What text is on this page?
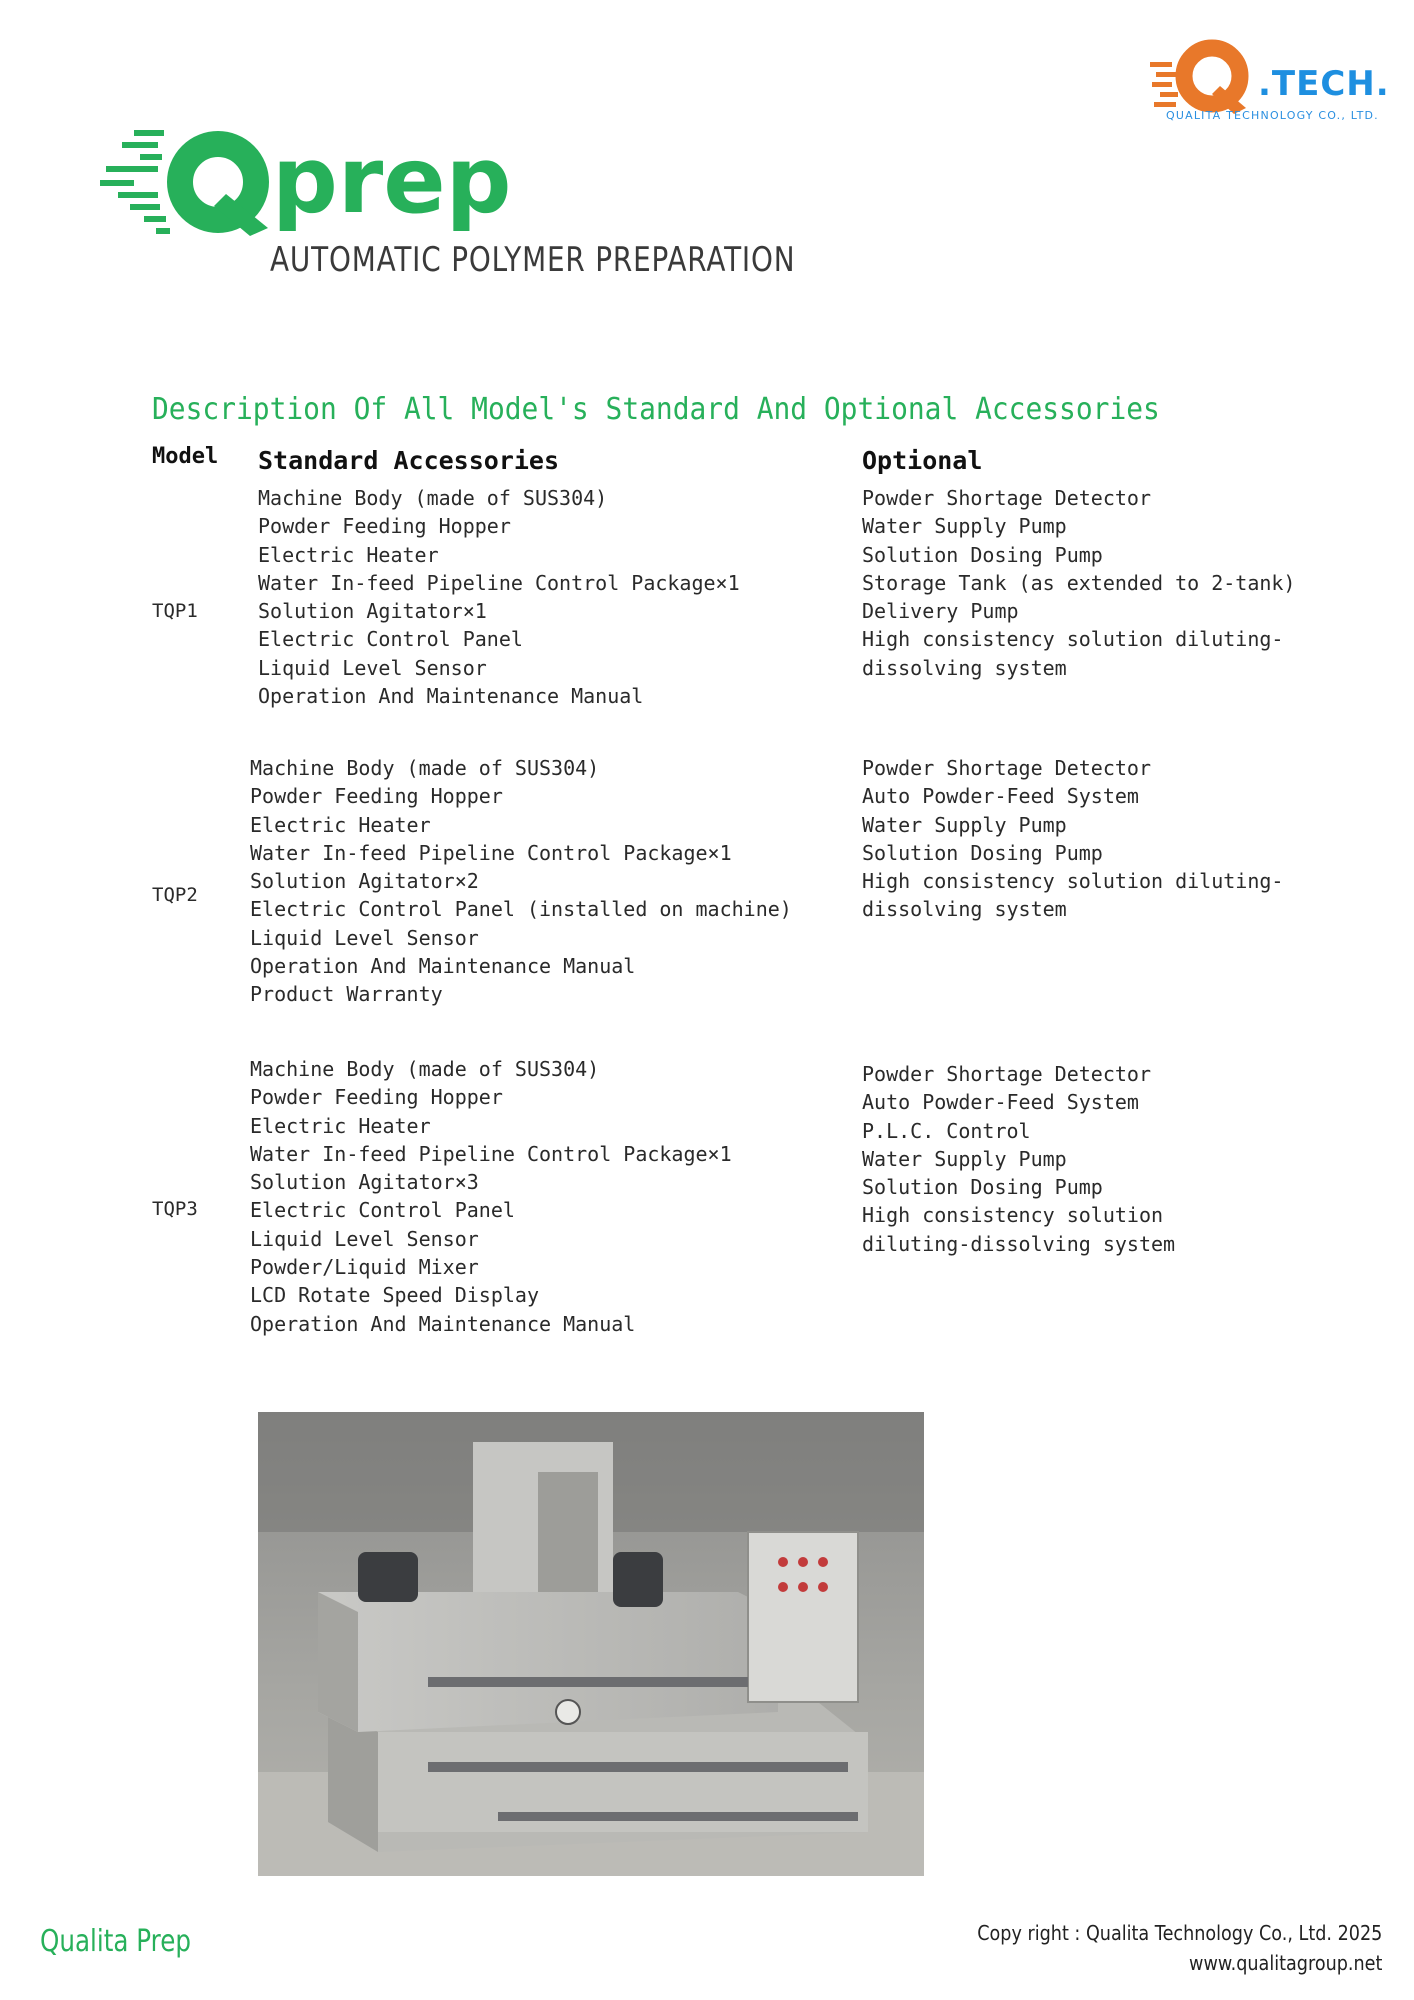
.TECH.
QUALITA TECHNOLOGY CO., LTD.
prep
AUTOMATIC POLYMER PREPARATION
Description Of All Model's Standard And Optional Accessories
Model Standard Accessories	Optional
TQP1
Machine Body (made of SUS304)
Powder Feeding Hopper
Electric Heater
Water In-feed Pipeline Control Package×1
Solution Agitator×1
Electric Control Panel
Liquid Level Sensor
Operation And Maintenance Manual
Powder Shortage Detector
Water Supply Pump
Solution Dosing Pump
Storage Tank (as extended to 2-tank)
Delivery Pump
High consistency solution diluting-
dissolving system
TQP2
Machine Body (made of SUS304)
Powder Feeding Hopper
Electric Heater
Water In-feed Pipeline Control Package×1
Solution Agitator×2
Electric Control Panel (installed on machine)
Liquid Level Sensor
Operation And Maintenance Manual
Product Warranty
Powder Shortage Detector
Auto Powder-Feed System
Water Supply Pump
Solution Dosing Pump
High consistency solution diluting-
dissolving system
TQP3
Machine Body (made of SUS304)
Powder Feeding Hopper
Electric Heater
Water In-feed Pipeline Control Package×1
Solution Agitator×3
Electric Control Panel
Liquid Level Sensor
Powder/Liquid Mixer
LCD Rotate Speed Display
Operation And Maintenance Manual
Powder Shortage Detector
Auto Powder-Feed System
P.L.C. Control
Water Supply Pump
Solution Dosing Pump
High consistency solution
diluting-dissolving system
Qualita Prep	Copy right : Qualita Technology Co., Ltd. 2025
www.qualitagroup.net
